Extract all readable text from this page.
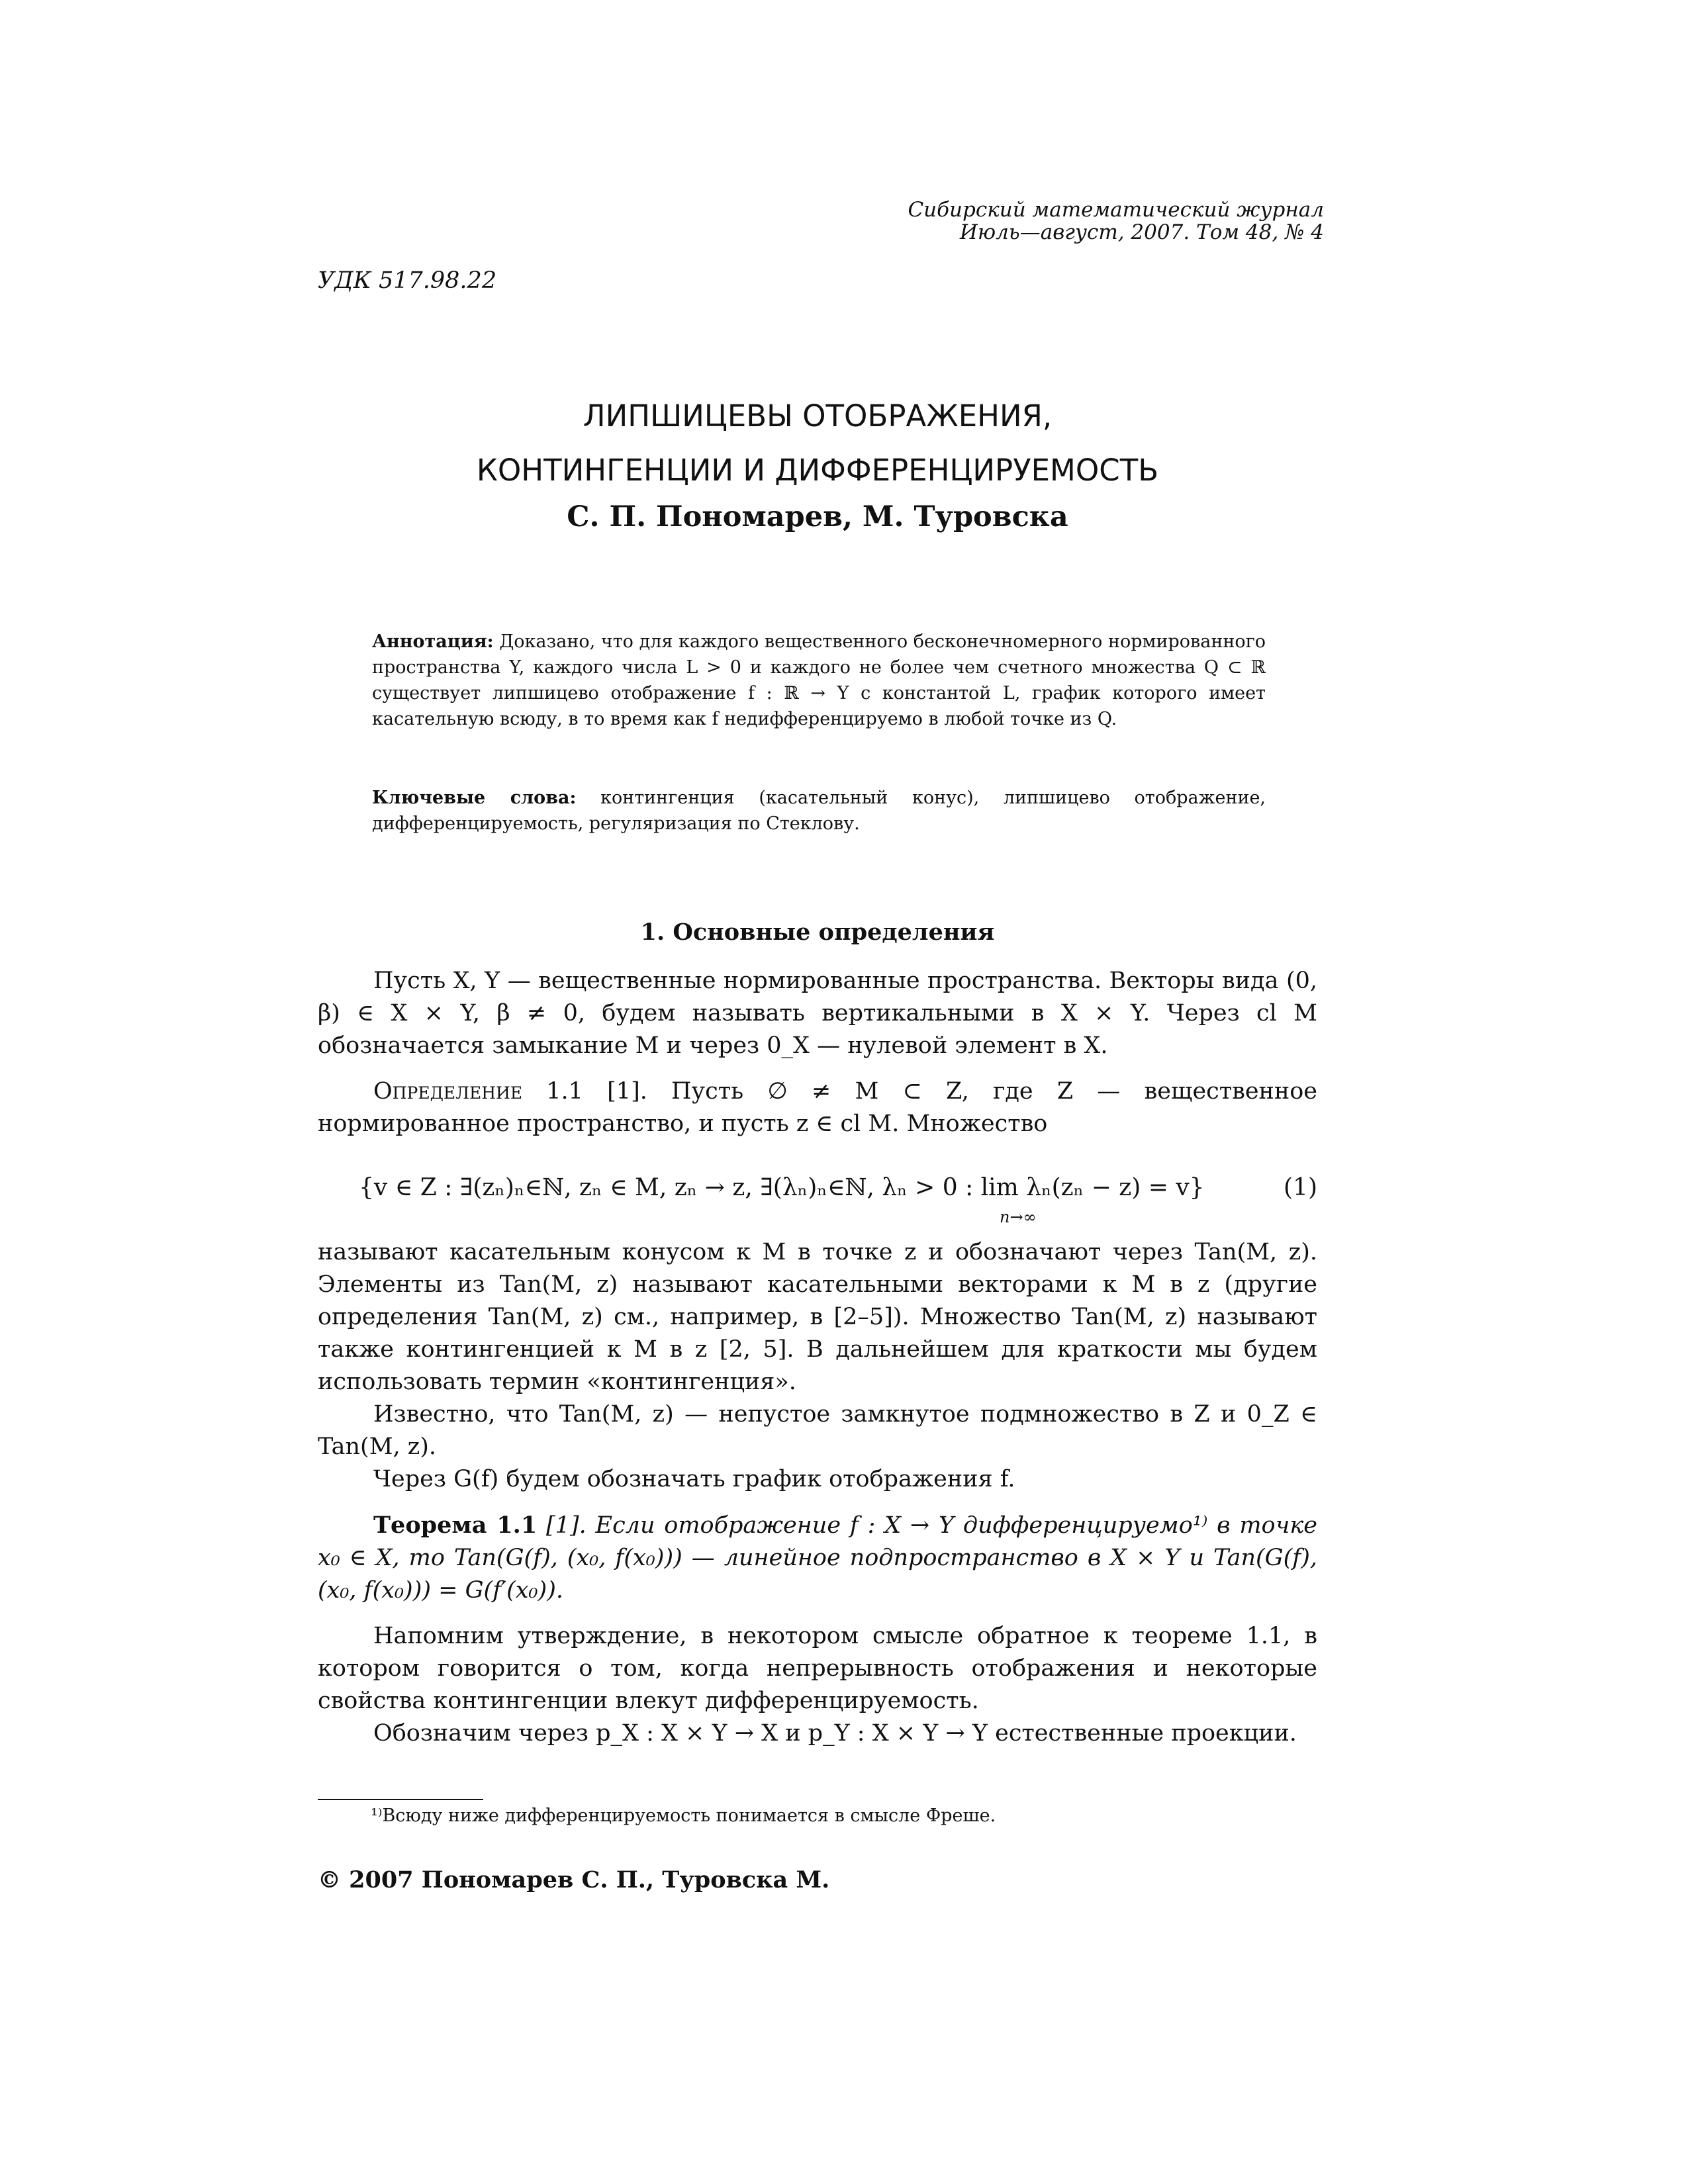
Сибирский математический журнал
Июль—август, 2007. Том 48, № 4
УДК 517.98.22
ЛИПШИЦЕВЫ ОТОБРАЖЕНИЯ,
КОНТИНГЕНЦИИ И ДИФФЕРЕНЦИРУЕМОСТЬ
С. П. Пономарев, М. Туровска
Аннотация: Доказано, что для каждого вещественного бесконечномерного нормированного пространства Y, каждого числа L > 0 и каждого не более чем счетного множества Q ⊂ ℝ существует липшицево отображение f : ℝ → Y с константой L, график которого имеет касательную всюду, в то время как f недифференцируемо в любой точке из Q.
Ключевые слова: контингенция (касательный конус), липшицево отображение, дифференцируемость, регуляризация по Стеклову.
1. Основные определения
Пусть X, Y — вещественные нормированные пространства. Векторы вида (0, β) ∈ X × Y, β ≠ 0, будем называть вертикальными в X × Y. Через cl M обозначается замыкание M и через 0_X — нулевой элемент в X.
Определение 1.1 [1]. Пусть ∅ ≠ M ⊂ Z, где Z — вещественное нормированное пространство, и пусть z ∈ cl M. Множество
{v ∈ Z : ∃(zₙ)ₙ∈ℕ, zₙ ∈ M, zₙ → z, ∃(λₙ)ₙ∈ℕ, λₙ > 0 : lim λₙ(zₙ − z) = v}
n→∞
(1)
называют касательным конусом к M в точке z и обозначают через Tan(M, z). Элементы из Tan(M, z) называют касательными векторами к M в z (другие определения Tan(M, z) см., например, в [2–5]). Множество Tan(M, z) называют также контингенцией к M в z [2, 5]. В дальнейшем для краткости мы будем использовать термин «контингенция».
Известно, что Tan(M, z) — непустое замкнутое подмножество в Z и 0_Z ∈ Tan(M, z).
Через G(f) будем обозначать график отображения f.
Теорема 1.1 [1]. Если отображение f : X → Y дифференцируемо¹⁾ в точке x₀ ∈ X, то Tan(G(f), (x₀, f(x₀))) — линейное подпространство в X × Y и Tan(G(f), (x₀, f(x₀))) = G(f′(x₀)).
Напомним утверждение, в некотором смысле обратное к теореме 1.1, в котором говорится о том, когда непрерывность отображения и некоторые свойства контингенции влекут дифференцируемость.
Обозначим через p_X : X × Y → X и p_Y : X × Y → Y естественные проекции.
¹⁾Всюду ниже дифференцируемость понимается в смысле Фреше.
© 2007 Пономарев С. П., Туровска М.
